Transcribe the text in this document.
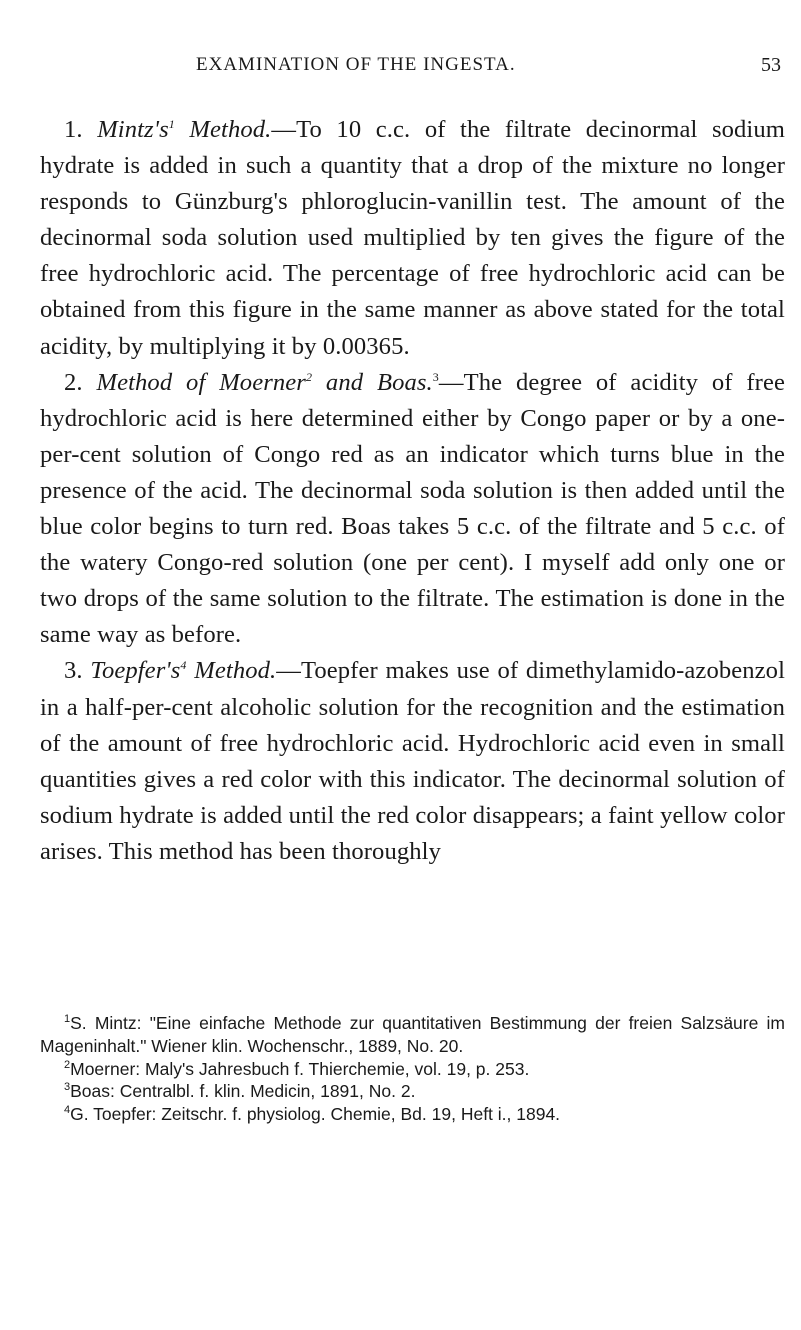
EXAMINATION OF THE INGESTA.	53

1. $Mintz's^1$ Method.—To 10 c.c. of the filtrate decinormal sodium hydrate is added in such a quantity that a drop of the mixture no longer responds to Günzburg's phloroglucin-vanillin test. The amount of the decinormal soda solution used multiplied by ten gives the figure of the free hydrochloric acid. The percentage of free hydrochloric acid can be obtained from this figure in the same manner as above stated for the total acidity, by multiplying it by 0.00365.

2. Method of Moerner$^2$ and Boas.$^3$—The degree of acidity of free hydrochloric acid is here determined either by Congo paper or by a one-per-cent solution of Congo red as an indicator which turns blue in the presence of the acid. The decinormal soda solution is then added until the blue color begins to turn red. Boas takes 5 c.c. of the filtrate and 5 c.c. of the watery Congo-red solution (one per cent). I myself add only one or two drops of the same solution to the filtrate. The estimation is done in the same way as before.

3. $Toepfer's^4$ Method.—Toepfer makes use of dimethylamido-azobenzol in a half-per-cent alcoholic solution for the recognition and the estimation of the amount of free hydrochloric acid. Hydrochloric acid even in small quantities gives a red color with this indicator. The decinormal solution of sodium hydrate is added until the red color disappears; a faint yellow color arises. This method has been thoroughly

$^1$S. Mintz: "Eine einfache Methode zur quantitativen Bestimmung der freien Salzsäure im Mageninhalt." Wiener klin. Wochenschr., 1889, No. 20.

$^2$Moerner: Maly's Jahresbuch f. Thierchemie, vol. 19, p. 253.

$^3$Boas: Centralbl. f. klin. Medicin, 1891, No. 2.

$^4$G. Toepfer: Zeitschr. f. physiolog. Chemie, Bd. 19, Heft i., 1894.
